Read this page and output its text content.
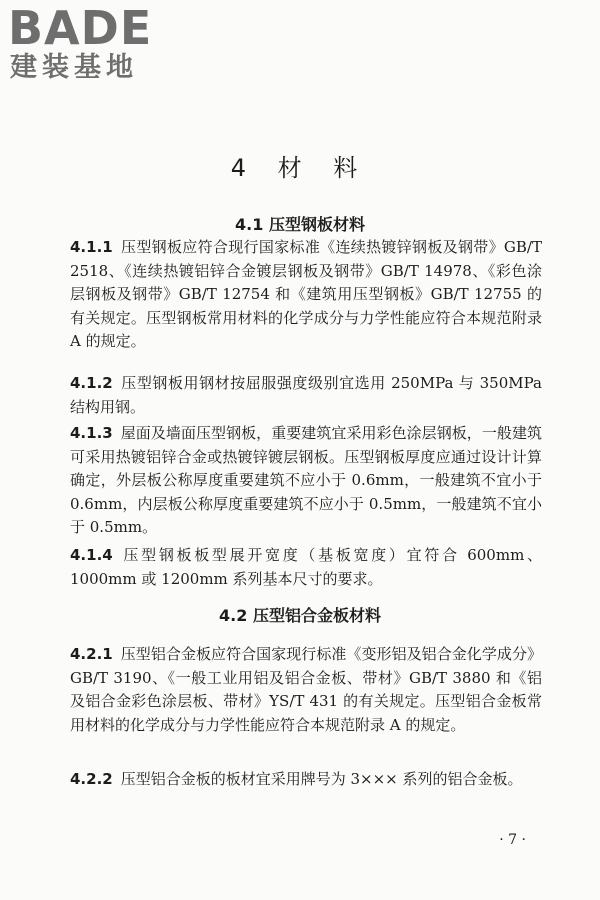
BADE
建装基地
4 材 料
4.1 压型钢板材料

4.1.1 压型钢板应符合现行国家标准《连续热镀锌钢板及钢带》GB/T 2518、《连续热镀铝锌合金镀层钢板及钢带》GB/T 14978、《彩色涂层钢板及钢带》GB/T 12754 和《建筑用压型钢板》GB/T 12755 的有关规定。压型钢板常用材料的化学成分与力学性能应符合本规范附录 A 的规定。

4.1.2 压型钢板用钢材按屈服强度级别宜选用 250MPa 与 350MPa 结构用钢。

4.1.3 屋面及墙面压型钢板，重要建筑宜采用彩色涂层钢板，一般建筑可采用热镀铝锌合金或热镀锌镀层钢板。压型钢板厚度应通过设计计算确定，外层板公称厚度重要建筑不应小于 0.6mm，一般建筑不宜小于 0.6mm，内层板公称厚度重要建筑不应小于 0.5mm，一般建筑不宜小于 0.5mm。

4.1.4 压型钢板板型展开宽度（基板宽度）宜符合 600mm、1000mm 或 1200mm 系列基本尺寸的要求。

4.2 压型铝合金板材料

4.2.1 压型铝合金板应符合国家现行标准《变形铝及铝合金化学成分》GB/T 3190、《一般工业用铝及铝合金板、带材》GB/T 3880 和《铝及铝合金彩色涂层板、带材》YS/T 431 的有关规定。压型铝合金板常用材料的化学成分与力学性能应符合本规范附录 A 的规定。

4.2.2 压型铝合金板的板材宜采用牌号为 3××× 系列的铝合金板。

· 7 ·
